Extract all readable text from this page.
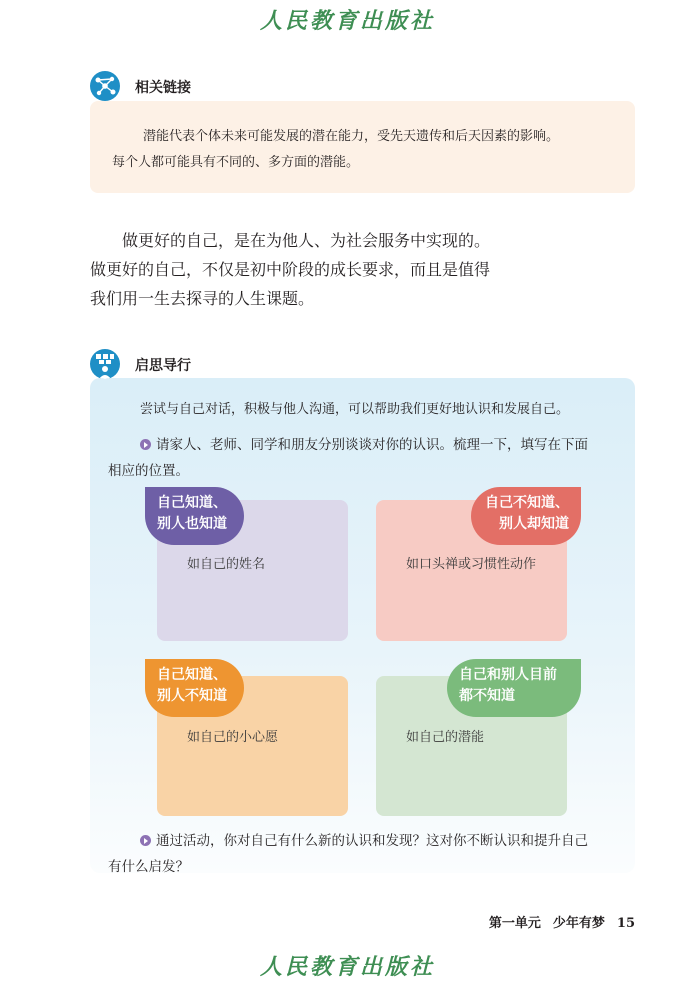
人民教育出版社
相关链接
潜能代表个体未来可能发展的潜在能力，受先天遗传和后天因素的影响。
每个人都可能具有不同的、多方面的潜能。
做更好的自己，是在为他人、为社会服务中实现的。
做更好的自己，不仅是初中阶段的成长要求，而且是值得
我们用一生去探寻的人生课题。
启思导行
尝试与自己对话，积极与他人沟通，可以帮助我们更好地认识和发展自己。
请家人、老师、同学和朋友分别谈谈对你的认识。梳理一下，填写在下面
相应的位置。
自己知道、
别人也知道
如自己的姓名
自己不知道、
别人却知道
如口头禅或习惯性动作
自己知道、
别人不知道
如自己的小心愿
自己和别人目前
都不知道
如自己的潜能
通过活动，你对自己有什么新的认识和发现？这对你不断认识和提升自己
有什么启发？
第一单元 少年有梦 15
人民教育出版社
